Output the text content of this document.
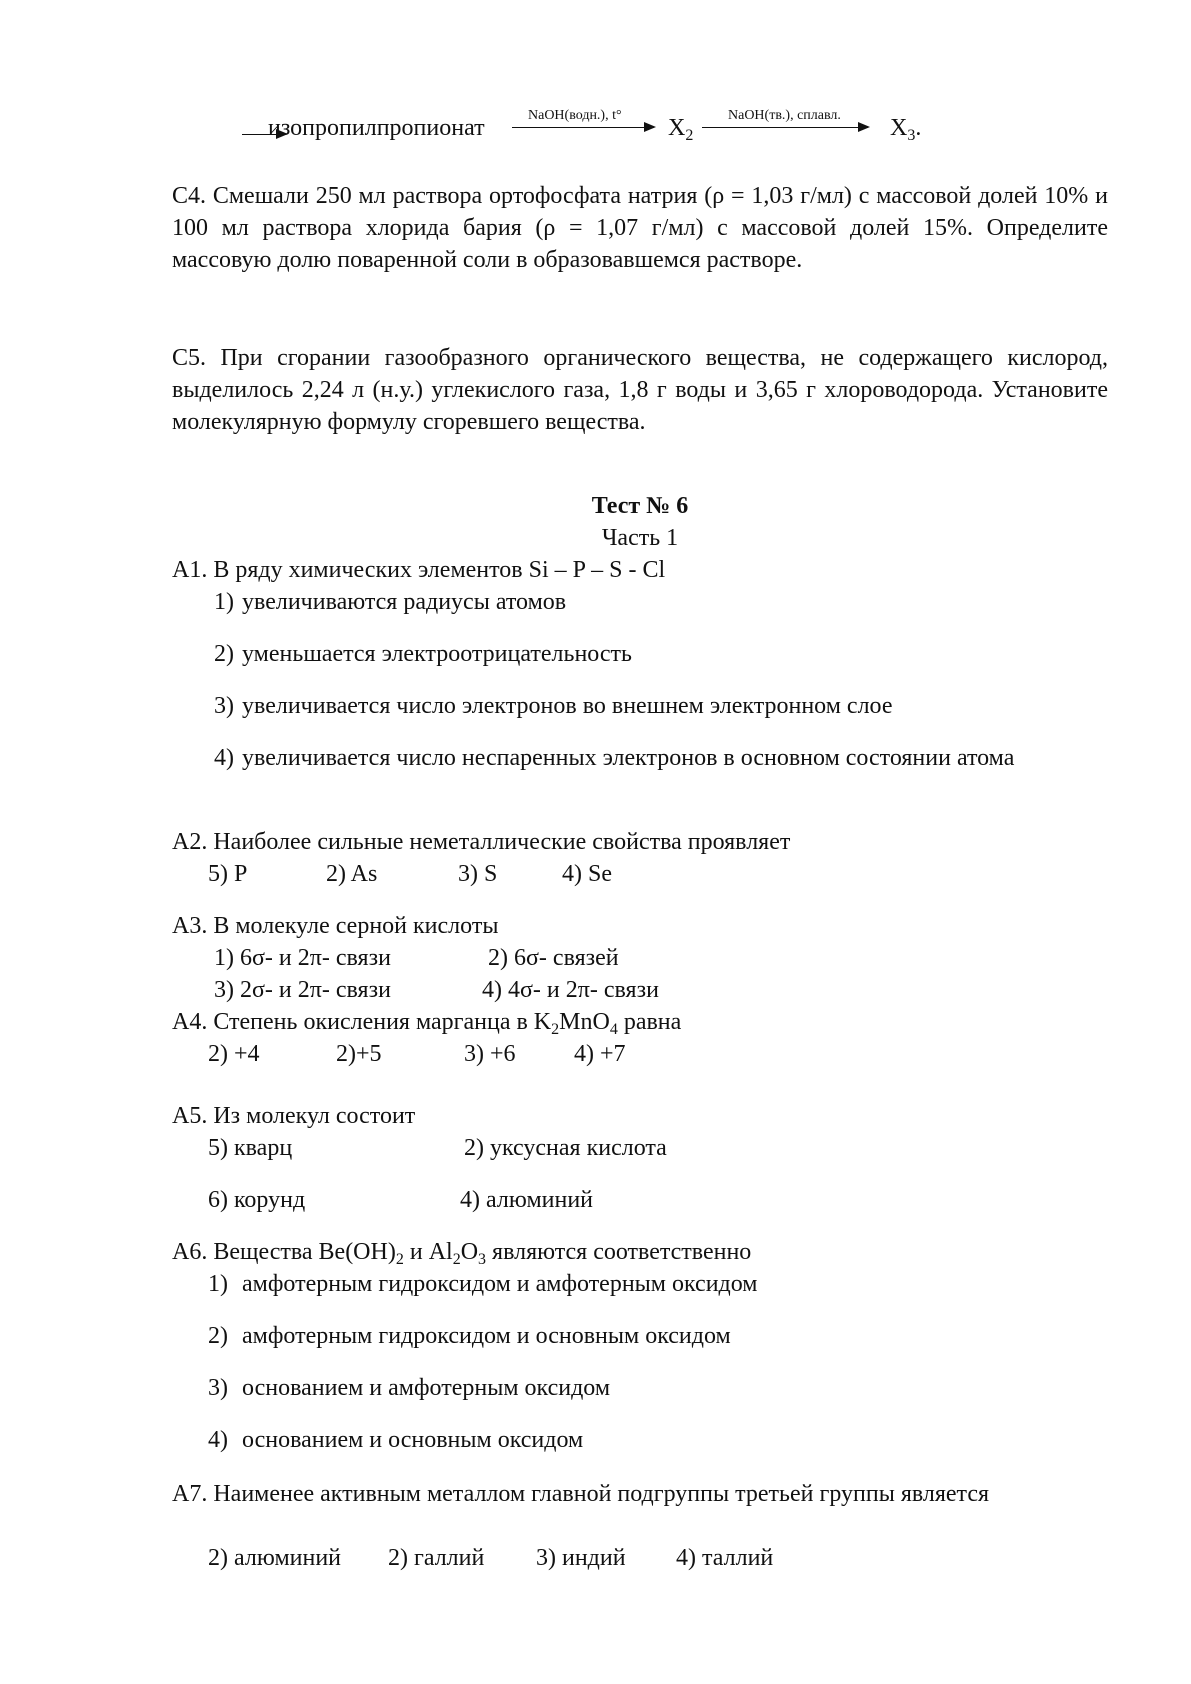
изопропилпропионат	NaOH(водн.), t° $X_2$
NaOH(тв.), сплавл. $X_3$.
С4. Смешали 250 мл раствора ортофосфата натрия (ρ = 1,03 г/мл) с массовой долей 10% и 100 мл раствора хлорида бария (ρ = 1,07 г/мл) с массовой долей 15%. Определите массовую долю поваренной соли в образовавшемся растворе.
С5. При сгорании газообразного органического вещества, не содержащего кислород, выделилось 2,24 л (н.у.) углекислого газа, 1,8 г воды и 3,65 г хлороводорода. Установите молекулярную формулу сгоревшего вещества.
Тест № 6
Часть 1
А1. В ряду химических элементов Si – P – S - Cl
1) увеличиваются радиусы атомов
2) уменьшается электроотрицательность
3) увеличивается число электронов во внешнем электронном слое
4) увеличивается число неспаренных электронов в основном состоянии атома
А2. Наиболее сильные неметаллические свойства проявляет
5) P	2) As	3) S	4) Se
А3. В молекуле серной кислоты
1) 6σ- и 2π- связи	2) 6σ- связей
3) 2σ- и 2π- связи	4) 4σ- и 2π- связи
А4. Степень окисления марганца в $K_2MnO_4$ равна
2) +4	2)+5	3) +6 4) +7
А5. Из молекул состоит
5) кварц	2) уксусная кислота
6) корунд	4) алюминий
А6. Вещества $Be(OH)_2$ и $Al_2O_3$ являются соответственно
1) амфотерным гидроксидом и амфотерным оксидом
2) амфотерным гидроксидом и основным оксидом
3) основанием и амфотерным оксидом
4) основанием и основным оксидом
А7. Наименее активным металлом главной подгруппы третьей группы является
2) алюминий 2) галлий 3) индий 4) таллий
